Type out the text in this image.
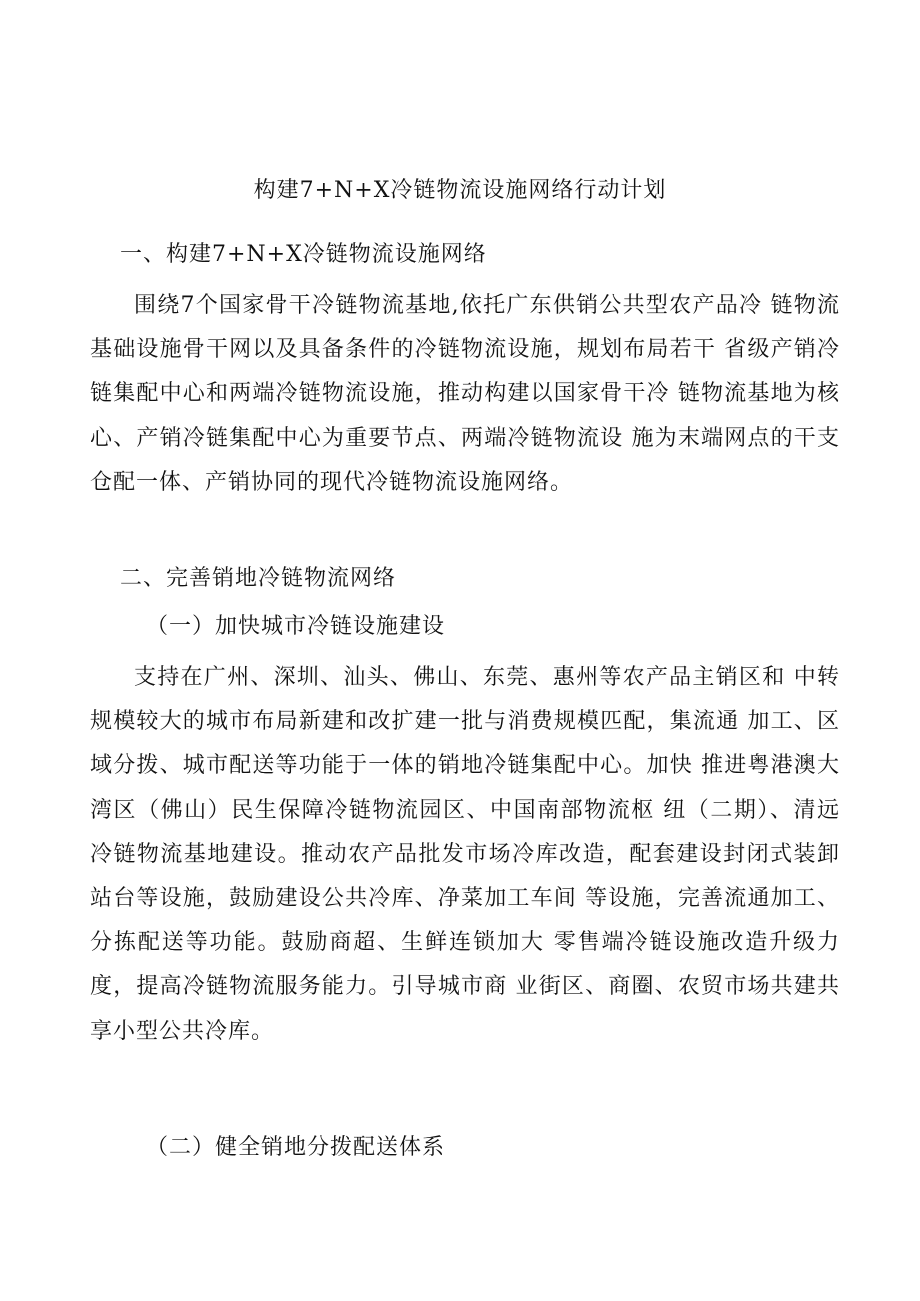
构建7+N+X冷链物流设施网络行动计划
一、构建7+N+X冷链物流设施网络

围绕7个国家骨干冷链物流基地,依托广东供销公共型农产品冷 链物流基础设施骨干网以及具备条件的冷链物流设施，规划布局若干 省级产销冷链集配中心和两端冷链物流设施，推动构建以国家骨干冷 链物流基地为核心、产销冷链集配中心为重要节点、两端冷链物流设 施为末端网点的干支仓配一体、产销协同的现代冷链物流设施网络。

二、完善销地冷链物流网络
（一）加快城市冷链设施建设

支持在广州、深圳、汕头、佛山、东莞、惠州等农产品主销区和 中转规模较大的城市布局新建和改扩建一批与消费规模匹配，集流通 加工、区域分拨、城市配送等功能于一体的销地冷链集配中心。加快 推进粤港澳大湾区（佛山）民生保障冷链物流园区、中国南部物流枢 纽（二期）、清远冷链物流基地建设。推动农产品批发市场冷库改造，配套建设封闭式装卸站台等设施，鼓励建设公共冷库、净菜加工车间 等设施，完善流通加工、分拣配送等功能。鼓励商超、生鲜连锁加大 零售端冷链设施改造升级力度，提高冷链物流服务能力。引导城市商 业街区、商圈、农贸市场共建共享小型公共冷库。

（二）健全销地分拨配送体系
